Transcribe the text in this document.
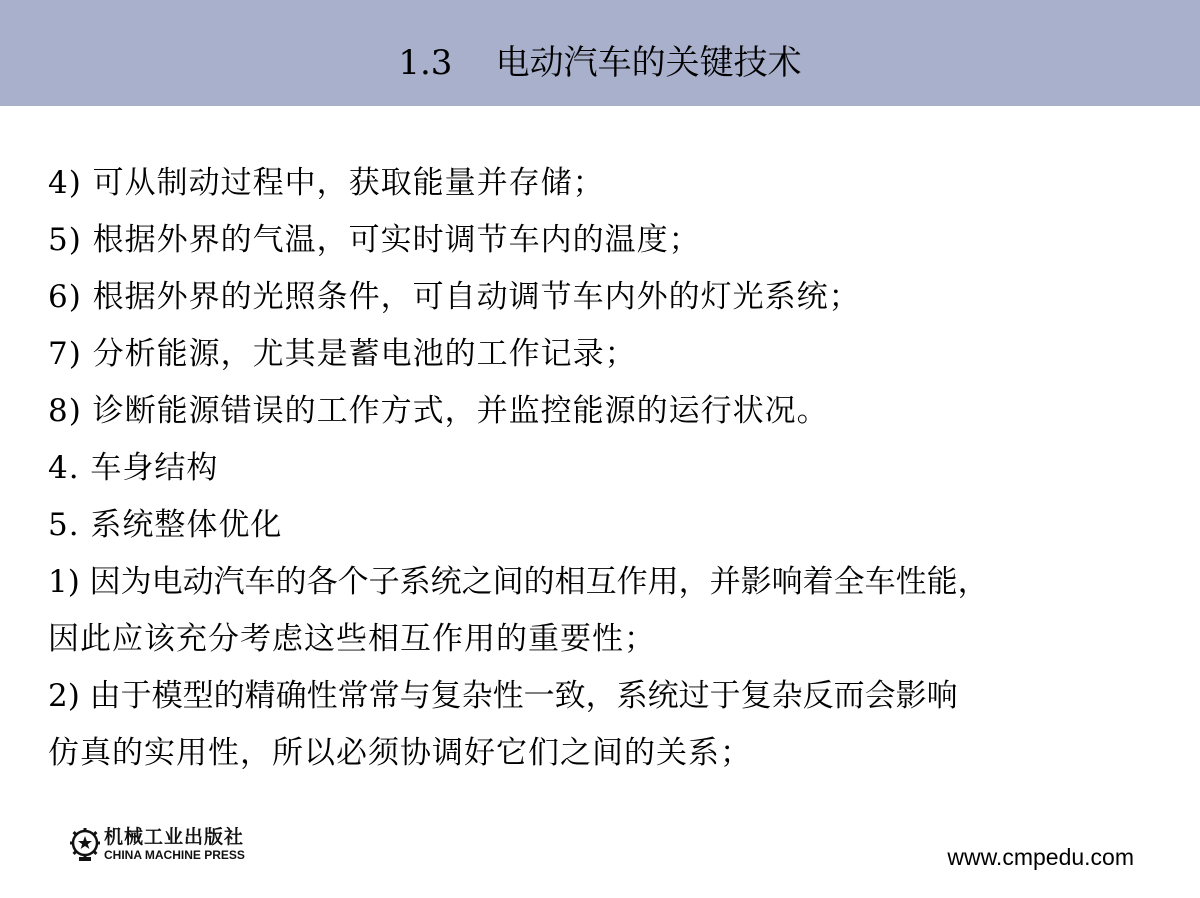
1.3    电动汽车的关键技术
4) 可从制动过程中，获取能量并存储；
5) 根据外界的气温，可实时调节车内的温度；
6) 根据外界的光照条件，可自动调节车内外的灯光系统；
7) 分析能源，尤其是蓄电池的工作记录；
8) 诊断能源错误的工作方式，并监控能源的运行状况。
4. 车身结构
5. 系统整体优化
1) 因为电动汽车的各个子系统之间的相互作用，并影响着全车性能，
因此应该充分考虑这些相互作用的重要性；
2) 由于模型的精确性常常与复杂性一致，系统过于复杂反而会影响
仿真的实用性，所以必须协调好它们之间的关系；
机械工业出版社
CHINA MACHINE PRESS	www.cmpedu.com
